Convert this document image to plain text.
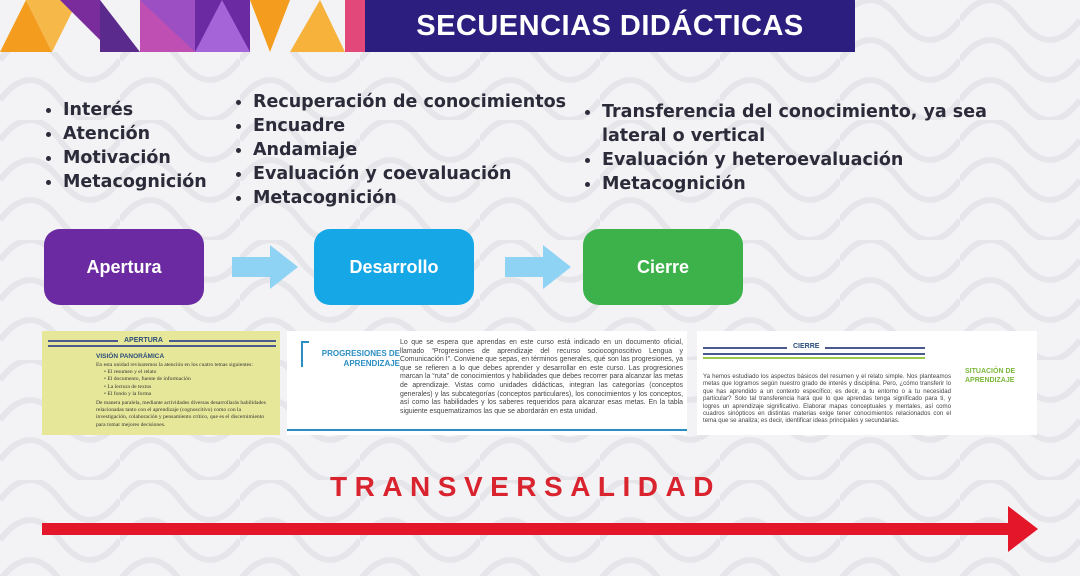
SECUENCIAS DIDÁCTICAS
Interés
Atención
Motivación
Metacognición
Recuperación de conocimientos
Encuadre
Andamiaje
Evaluación y coevaluación
Metacognición
Transferencia del conocimiento, ya sea lateral o vertical
Evaluación y heteroevaluación
Metacognición
Apertura	Desarrollo	Cierre
APERTURA
VISIÓN PANORÁMICA
En esta unidad revisaremos la atención en los cuatro temas siguientes:
• El resumen y el relato
• El documento, fuente de información
• La lectura de textos
• El fondo y la forma
De manera paralela, mediante actividades diversas desarrollarás habilidades relacionadas tanto con el aprendizaje (cognoscitivo) como con la investigación, colaboración y pensamiento crítico, que es el discernimiento para tomar mejores decisiones.
PROGRESIONES DE APRENDIZAJE
Lo que se espera que aprendas en este curso está indicado en un documento oficial, llamado “Progresiones de aprendizaje del recurso sociocognoscitivo Lengua y Comunicación I”. Conviene que sepas, en términos generales, qué son las progresiones, ya que se refieren a lo que debes aprender y desarrollar en este curso. Las progresiones marcan la “ruta” de conocimientos y habilidades que debes recorrer para alcanzar las metas de aprendizaje. Vistas como unidades didácticas, integran las categorías (conceptos generales) y las subcategorías (conceptos particulares), los conocimientos y los conceptos, así como las habilidades y los saberes requeridos para alcanzar esas metas. En la tabla siguiente esquematizamos las que se abordarán en esta unidad.
CIERRE
SITUACIÓN DE APRENDIZAJE
Ya hemos estudiado los aspectos básicos del resumen y el relato simple. Nos planteamos metas que logramos según nuestro grado de interés y disciplina. Pero, ¿cómo transferir lo que has aprendido a un contexto específico; es decir, a tu entorno o a tu necesidad particular? Solo tal transferencia hará que lo que aprendas tenga significado para ti, y logres un aprendizaje significativo. Elaborar mapas conceptuales y mentales, así como cuadros sinópticos en distintas materias exige tener conocimientos relacionados con el tema que se analiza; es decir, identificar ideas principales y secundarias.
TRANSVERSALIDAD
